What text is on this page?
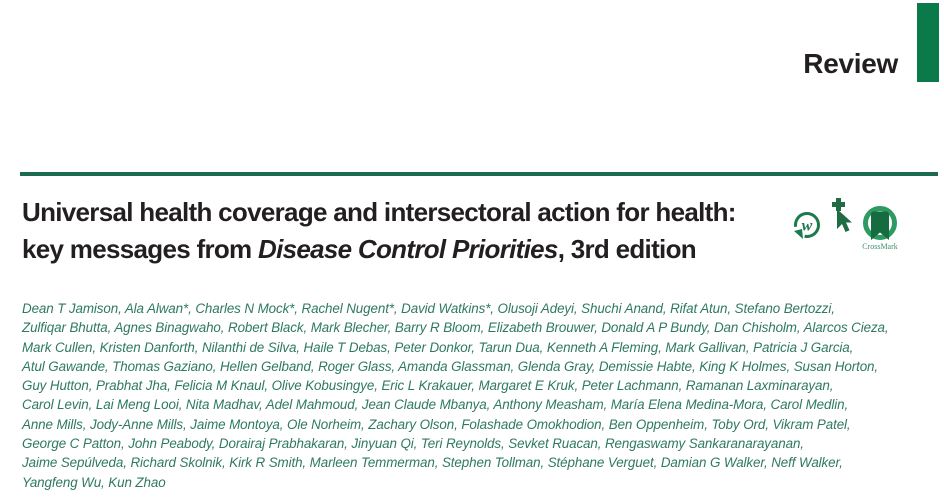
Review
Universal health coverage and intersectoral action for health:
key messages from Disease Control Priorities, 3rd edition
w
CrossMark
Dean T Jamison, Ala Alwan*, Charles N Mock*, Rachel Nugent*, David Watkins*, Olusoji Adeyi, Shuchi Anand, Rifat Atun, Stefano Bertozzi,
Zulfiqar Bhutta, Agnes Binagwaho, Robert Black, Mark Blecher, Barry R Bloom, Elizabeth Brouwer, Donald A P Bundy, Dan Chisholm, Alarcos Cieza,
Mark Cullen, Kristen Danforth, Nilanthi de Silva, Haile T Debas, Peter Donkor, Tarun Dua, Kenneth A Fleming, Mark Gallivan, Patricia J Garcia,
Atul Gawande, Thomas Gaziano, Hellen Gelband, Roger Glass, Amanda Glassman, Glenda Gray, Demissie Habte, King K Holmes, Susan Horton,
Guy Hutton, Prabhat Jha, Felicia M Knaul, Olive Kobusingye, Eric L Krakauer, Margaret E Kruk, Peter Lachmann, Ramanan Laxminarayan,
Carol Levin, Lai Meng Looi, Nita Madhav, Adel Mahmoud, Jean Claude Mbanya, Anthony Measham, María Elena Medina-Mora, Carol Medlin,
Anne Mills, Jody-Anne Mills, Jaime Montoya, Ole Norheim, Zachary Olson, Folashade Omokhodion, Ben Oppenheim, Toby Ord, Vikram Patel,
George C Patton, John Peabody, Dorairaj Prabhakaran, Jinyuan Qi, Teri Reynolds, Sevket Ruacan, Rengaswamy Sankaranarayanan,
Jaime Sepúlveda, Richard Skolnik, Kirk R Smith, Marleen Temmerman, Stephen Tollman, Stéphane Verguet, Damian G Walker, Neff Walker,
Yangfeng Wu, Kun Zhao
